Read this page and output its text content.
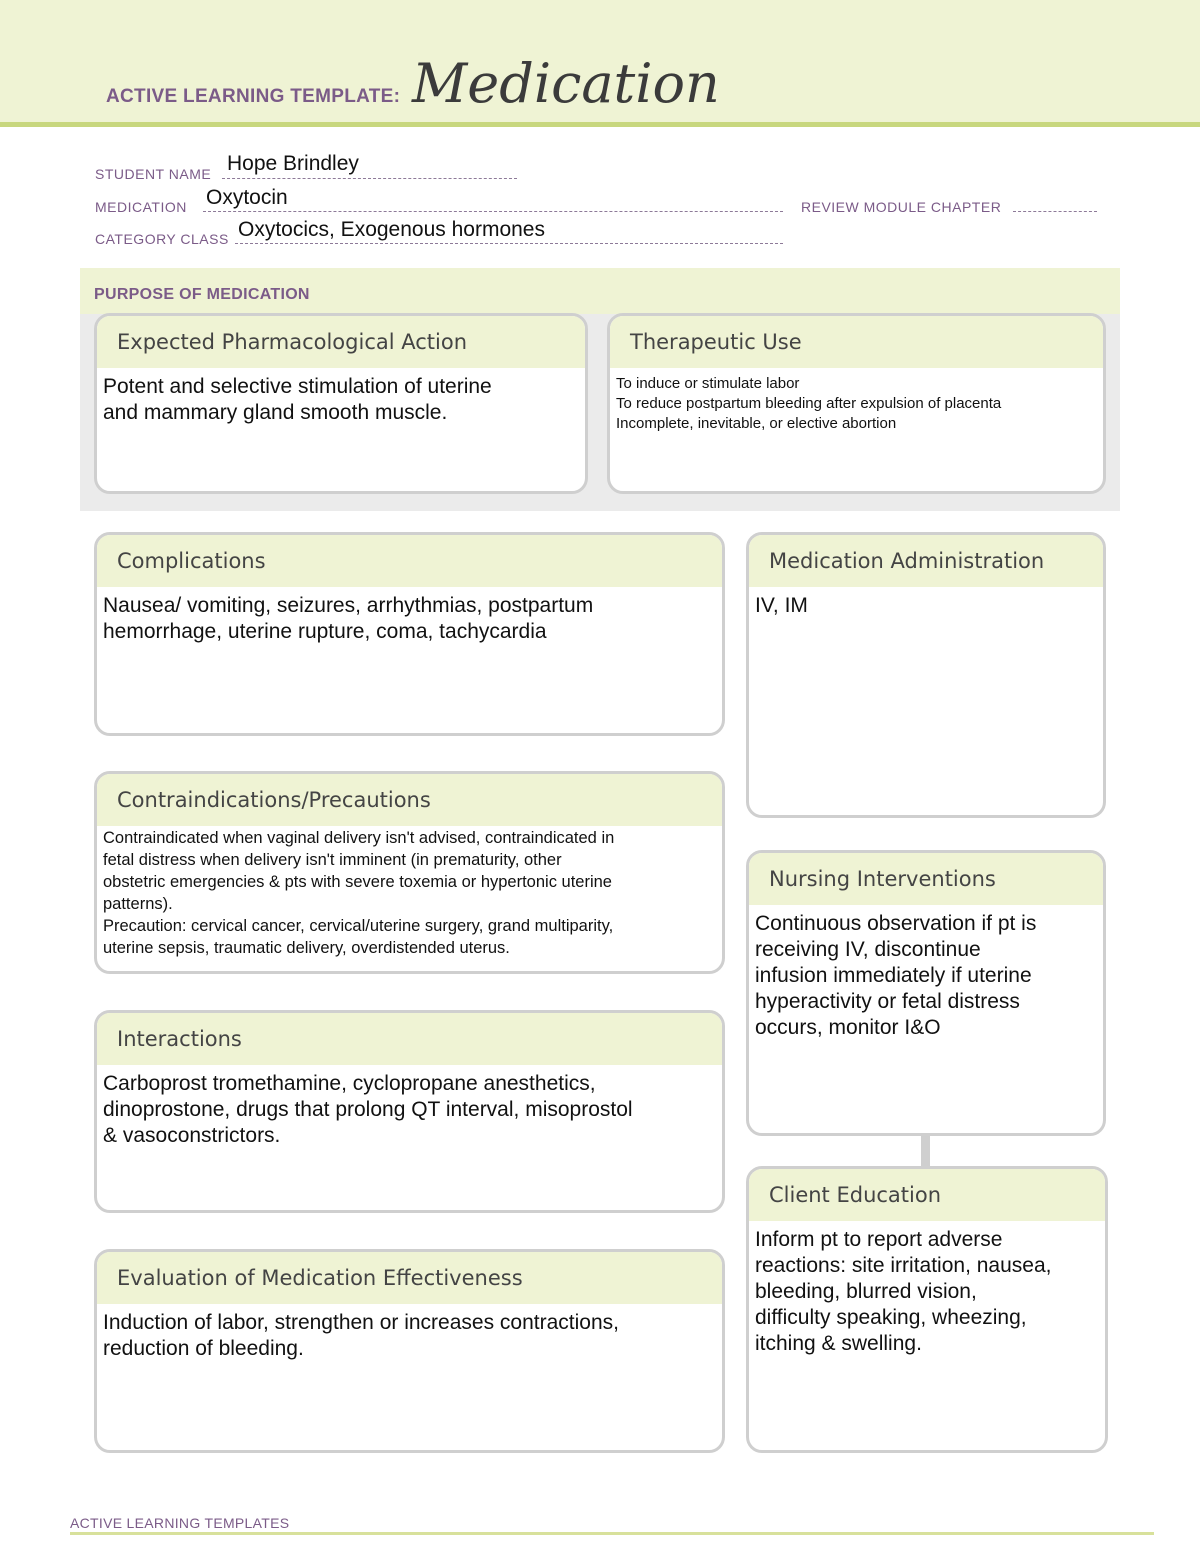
ACTIVE LEARNING TEMPLATE: Medication
STUDENT NAME Hope Brindley
MEDICATION Oxytocin	REVIEW MODULE CHAPTER
CATEGORY CLASS Oxytocics, Exogenous hormones
PURPOSE OF MEDICATION
Expected Pharmacological Action
Potent and selective stimulation of uterine
and mammary gland smooth muscle.
Therapeutic Use
To induce or stimulate labor
To reduce postpartum bleeding after expulsion of placenta
Incomplete, inevitable, or elective abortion
Complications
Nausea/ vomiting, seizures, arrhythmias, postpartum
hemorrhage, uterine rupture, coma, tachycardia
Medication Administration
IV, IM
Contraindications/Precautions
Contraindicated when vaginal delivery isn't advised, contraindicated in
fetal distress when delivery isn't imminent (in prematurity, other
obstetric emergencies & pts with severe toxemia or hypertonic uterine
patterns).
Precaution: cervical cancer, cervical/uterine surgery, grand multiparity,
uterine sepsis, traumatic delivery, overdistended uterus.
Nursing Interventions
Continuous observation if pt is
receiving IV, discontinue
infusion immediately if uterine
hyperactivity or fetal distress
occurs, monitor I&O
Interactions
Carboprost tromethamine, cyclopropane anesthetics,
dinoprostone, drugs that prolong QT interval, misoprostol
& vasoconstrictors.
Client Education
Inform pt to report adverse
reactions: site irritation, nausea,
bleeding, blurred vision,
difficulty speaking, wheezing,
itching & swelling.
Evaluation of Medication Effectiveness
Induction of labor, strengthen or increases contractions,
reduction of bleeding.
ACTIVE LEARNING TEMPLATES
